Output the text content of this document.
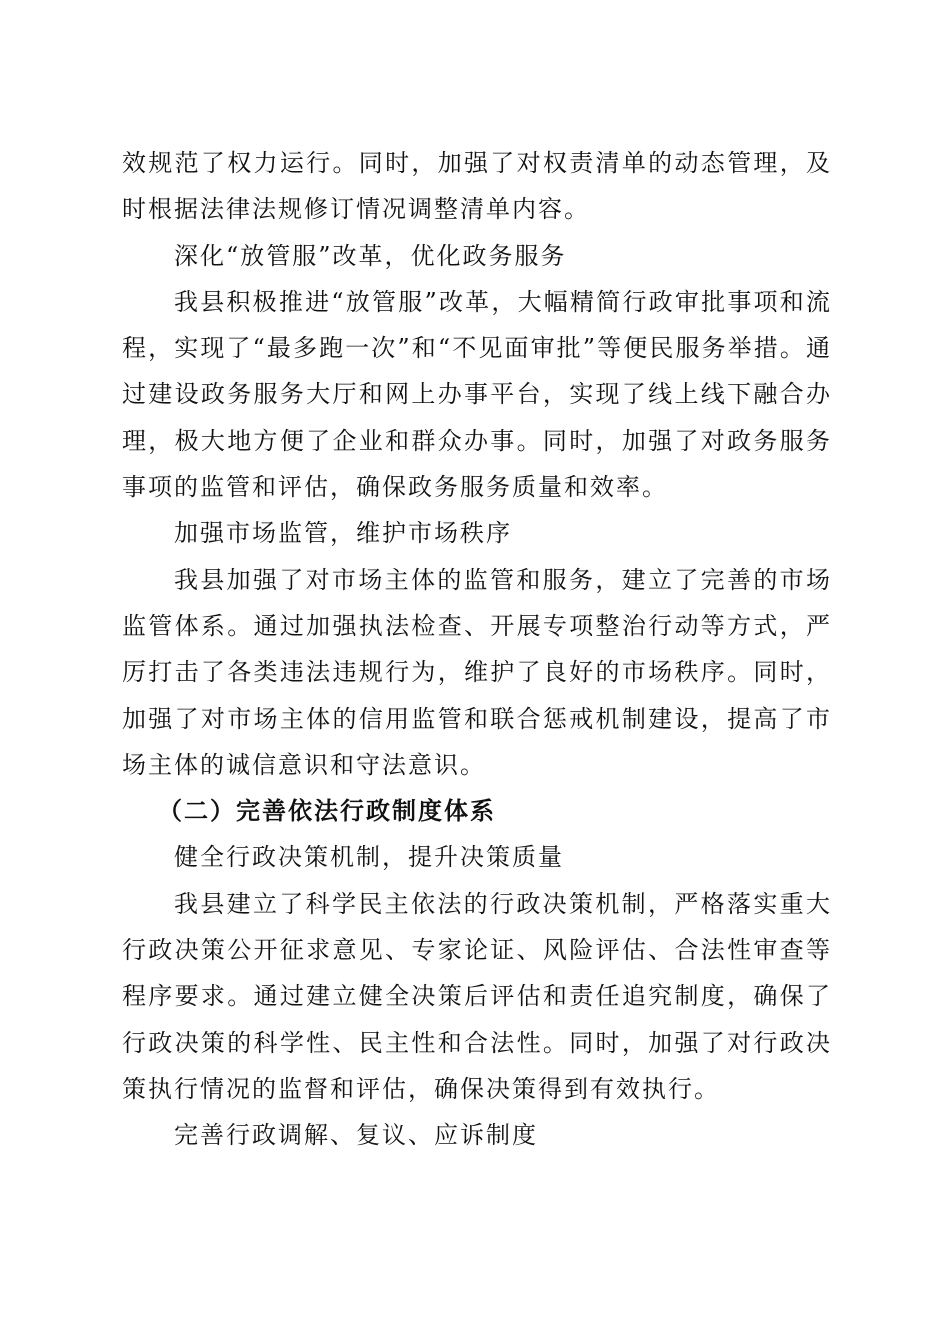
效规范了权力运行。同时，加强了对权责清单的动态管理，及时根据法律法规修订情况调整清单内容。

深化“放管服”改革，优化政务服务

我县积极推进“放管服”改革，大幅精简行政审批事项和流程，实现了“最多跑一次”和“不见面审批”等便民服务举措。通过建设政务服务大厅和网上办事平台，实现了线上线下融合办理，极大地方便了企业和群众办事。同时，加强了对政务服务事项的监管和评估，确保政务服务质量和效率。

加强市场监管，维护市场秩序

我县加强了对市场主体的监管和服务，建立了完善的市场监管体系。通过加强执法检查、开展专项整治行动等方式，严厉打击了各类违法违规行为，维护了良好的市场秩序。同时，加强了对市场主体的信用监管和联合惩戒机制建设，提高了市场主体的诚信意识和守法意识。

（二）完善依法行政制度体系

健全行政决策机制，提升决策质量

我县建立了科学民主依法的行政决策机制，严格落实重大行政决策公开征求意见、专家论证、风险评估、合法性审查等程序要求。通过建立健全决策后评估和责任追究制度，确保了行政决策的科学性、民主性和合法性。同时，加强了对行政决策执行情况的监督和评估，确保决策得到有效执行。

完善行政调解、复议、应诉制度
